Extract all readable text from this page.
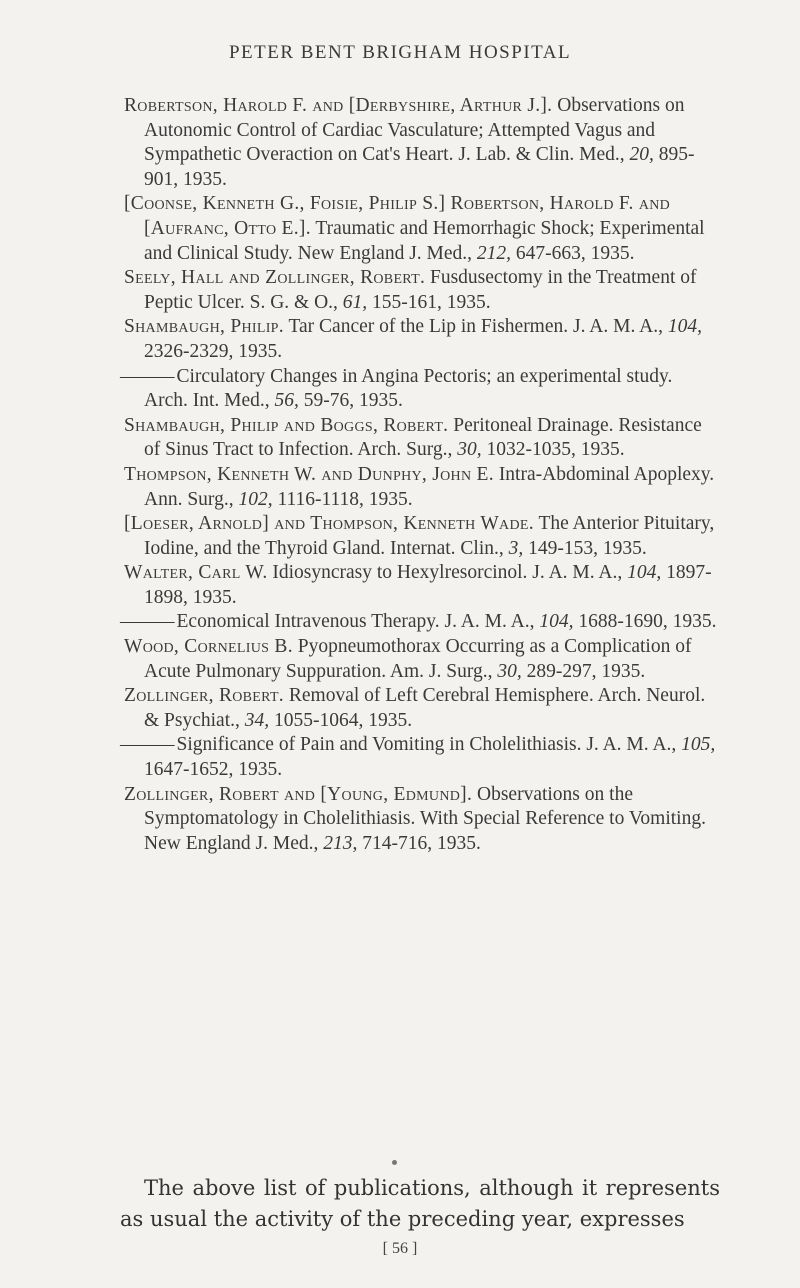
PETER BENT BRIGHAM HOSPITAL

Robertson, Harold F. and [Derbyshire, Arthur J.]. Observations on Autonomic Control of Cardiac Vasculature; Attempted Vagus and Sympathetic Overaction on Cat's Heart. J. Lab. & Clin. Med., 20, 895-901, 1935.

[Coonse, Kenneth G., Foisie, Philip S.] Robertson, Harold F. and [Aufranc, Otto E.]. Traumatic and Hemorrhagic Shock; Experimental and Clinical Study. New England J. Med., 212, 647-663, 1935.

Seely, Hall and Zollinger, Robert. Fusdusectomy in the Treatment of Peptic Ulcer. S. G. & O., 61, 155-161, 1935.

Shambaugh, Philip. Tar Cancer of the Lip in Fishermen. J. A. M. A., 104, 2326-2329, 1935.

——— Circulatory Changes in Angina Pectoris; an experimental study. Arch. Int. Med., 56, 59-76, 1935.

Shambaugh, Philip and Boggs, Robert. Peritoneal Drainage. Resistance of Sinus Tract to Infection. Arch. Surg., 30, 1032-1035, 1935.

Thompson, Kenneth W. and Dunphy, John E. Intra-Abdominal Apoplexy. Ann. Surg., 102, 1116-1118, 1935.

[Loeser, Arnold] and Thompson, Kenneth Wade. The Anterior Pituitary, Iodine, and the Thyroid Gland. Internat. Clin., 3, 149-153, 1935.

Walter, Carl W. Idiosyncrasy to Hexylresorcinol. J. A. M. A., 104, 1897-1898, 1935.

——— Economical Intravenous Therapy. J. A. M. A., 104, 1688-1690, 1935.

Wood, Cornelius B. Pyopneumothorax Occurring as a Complication of Acute Pulmonary Suppuration. Am. J. Surg., 30, 289-297, 1935.

Zollinger, Robert. Removal of Left Cerebral Hemisphere. Arch. Neurol. & Psychiat., 34, 1055-1064, 1935.

——— Significance of Pain and Vomiting in Cholelithiasis. J. A. M. A., 105, 1647-1652, 1935.

Zollinger, Robert and [Young, Edmund]. Observations on the Symptomatology in Cholelithiasis. With Special Reference to Vomiting. New England J. Med., 213, 714-716, 1935.

The above list of publications, although it represents as usual the activity of the preceding year, expresses

[ 56 ]
